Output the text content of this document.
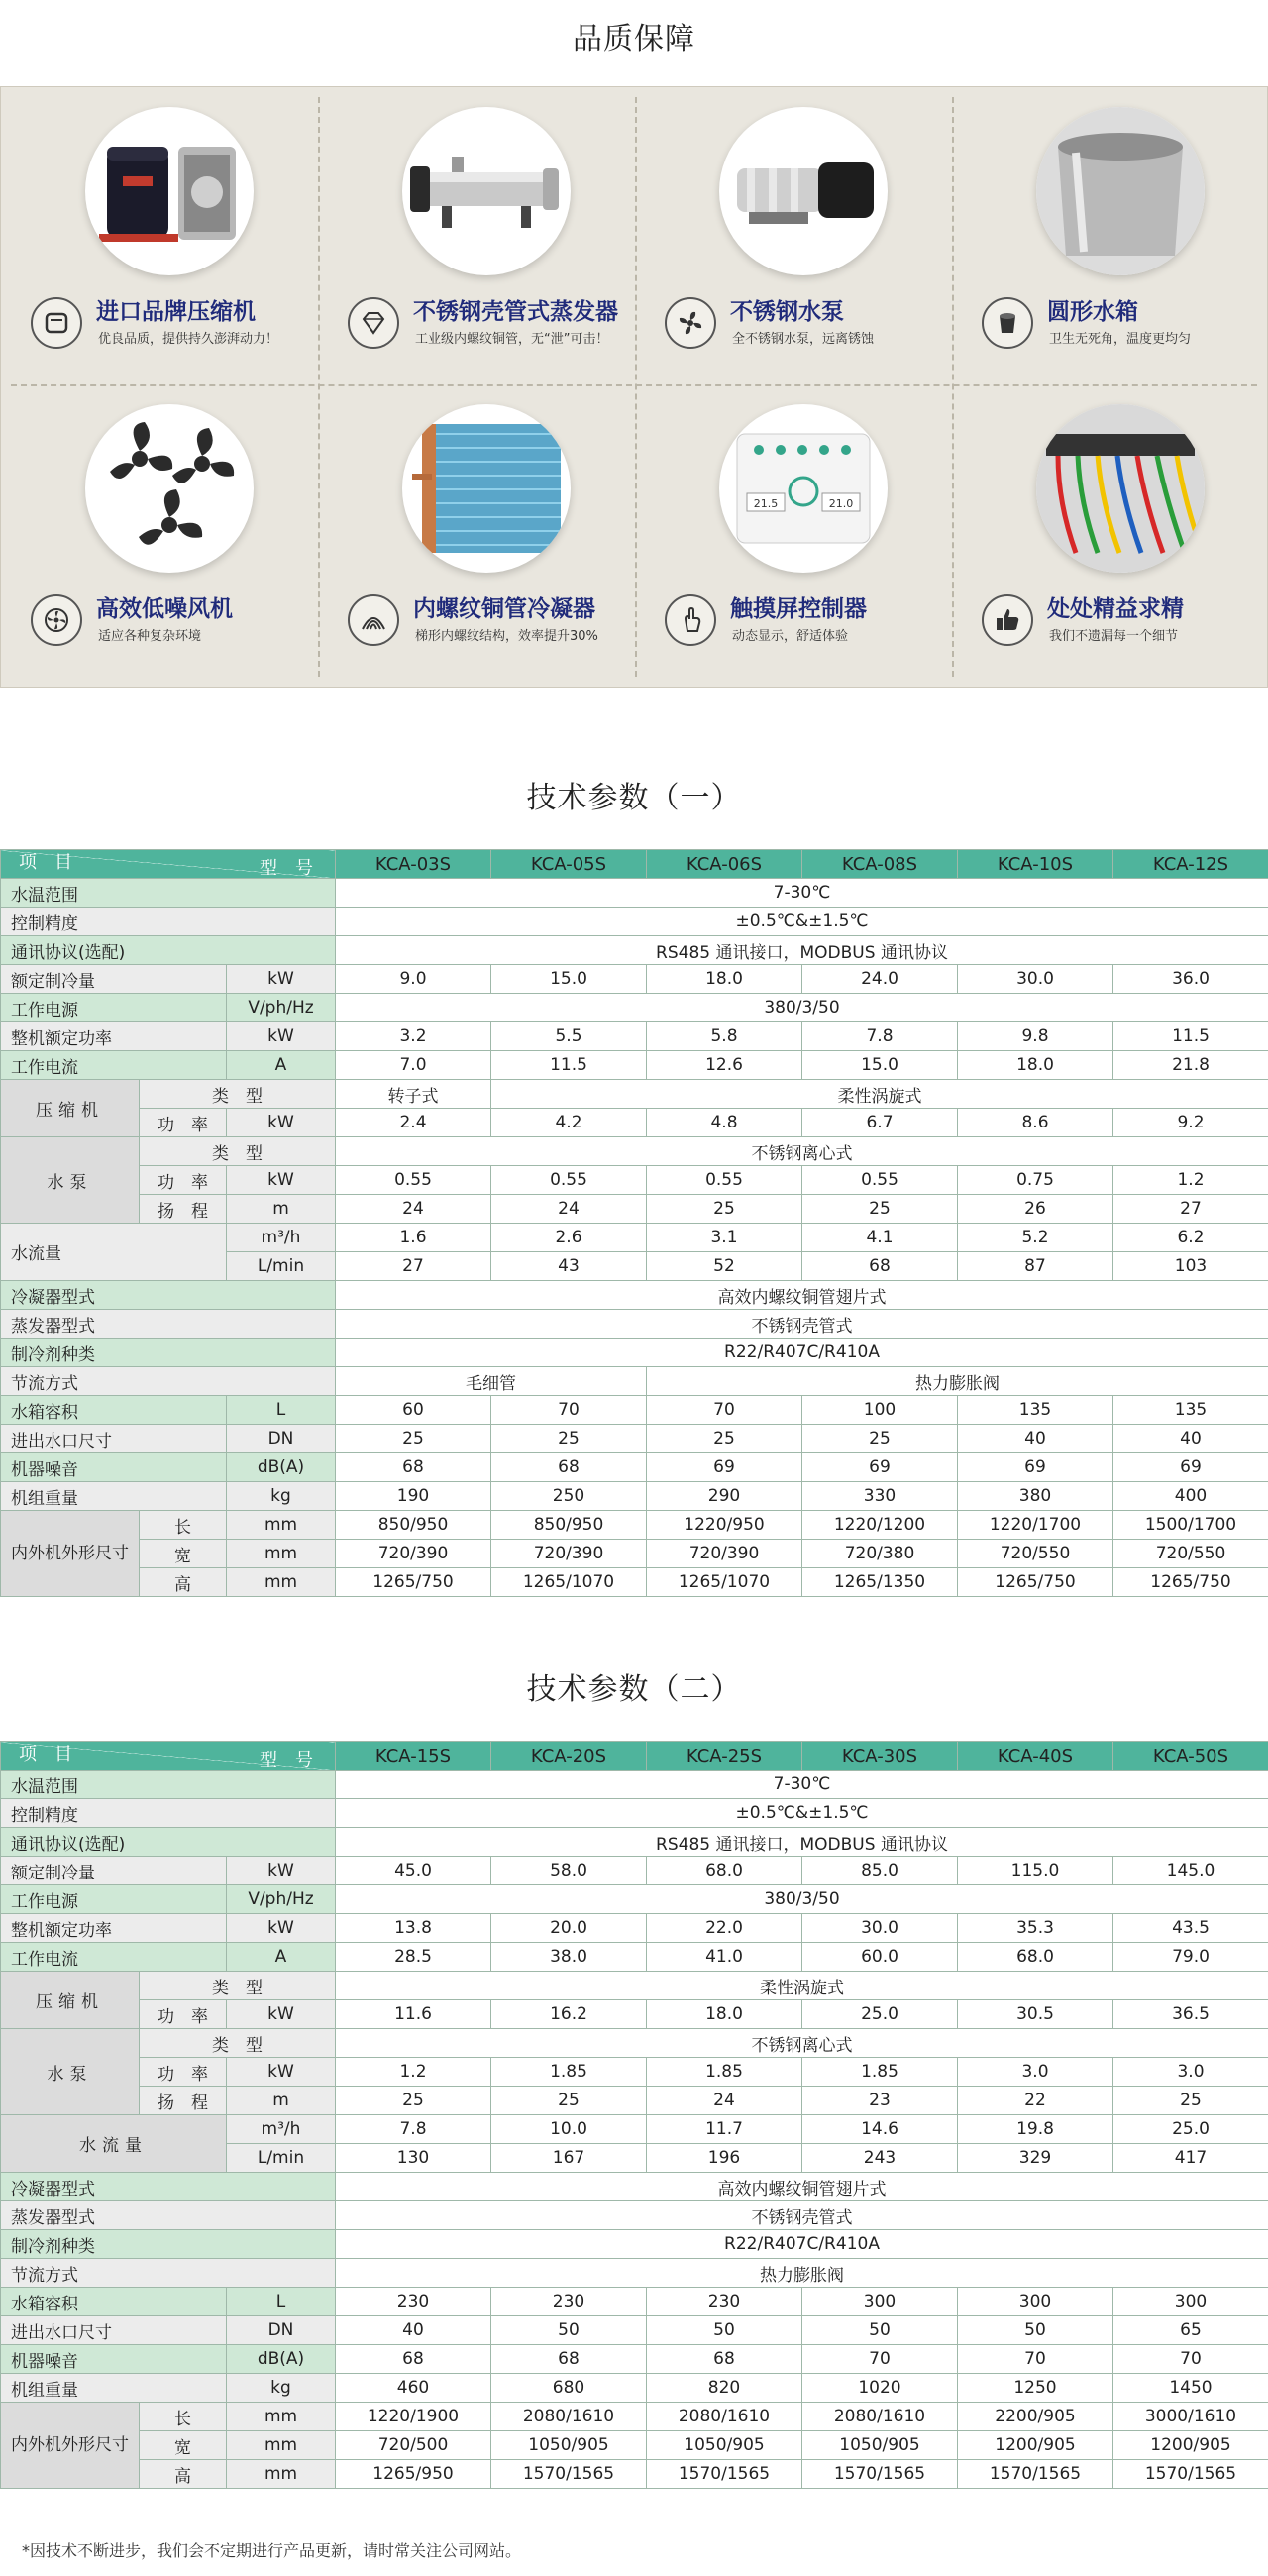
品质保障
进口品牌压缩机
优良品质，提供持久澎湃动力！
不锈钢壳管式蒸发器
工业级内螺纹铜管，无“泄”可击！
不锈钢水泵
全不锈钢水泵，远离锈蚀
圆形水箱
卫生无死角，温度更均匀
高效低噪风机
适应各种复杂环境
内螺纹铜管冷凝器
梯形内螺纹结构，效率提升30%
21.5	21.0
触摸屏控制器
动态显示，舒适体验
处处精益求精
我们不遗漏每一个细节
技术参数（一）
型　号
项　目			KCA-03S	KCA-05S	KCA-06S	KCA-08S	KCA-10S	KCA-12S
水温范围			7-30℃					
控制精度			±0.5℃&±1.5℃					
通讯协议(选配)			RS485 通讯接口，MODBUS 通讯协议					
额定制冷量		kW	9.0	15.0	18.0	24.0	30.0	36.0
工作电源		V/ph/Hz	380/3/50					
整机额定功率		kW	3.2	5.5	5.8	7.8	9.8	11.5
工作电流		A	7.0	11.5	12.6	15.0	18.0	21.8
压缩机	类　型		转子式	柔性涡旋式				
	功　率	kW	2.4	4.2	4.8	6.7	8.6	9.2
水泵	类　型		不锈钢离心式					
	功　率	kW	0.55	0.55	0.55	0.55	0.75	1.2
	扬　程	m	24	24	25	25	26	27
水流量		m³/h	1.6	2.6	3.1	4.1	5.2	6.2
		L/min	27	43	52	68	87	103
冷凝器型式			高效内螺纹铜管翅片式					
蒸发器型式			不锈钢壳管式					
制冷剂种类			R22/R407C/R410A					
节流方式			毛细管		热力膨胀阀			
水箱容积		L	60	70	70	100	135	135
进出水口尺寸		DN	25	25	25	25	40	40
机器噪音		dB(A)	68	68	69	69	69	69
机组重量		kg	190	250	290	330	380	400
内外机外形尺寸	长	mm	850/950	850/950	1220/950	1220/1200	1220/1700	1500/1700
	宽	mm	720/390	720/390	720/390	720/380	720/550	720/550
	高	mm	1265/750	1265/1070	1265/1070	1265/1350	1265/750	1265/750
技术参数（二）
型　号
项　目			KCA-15S	KCA-20S	KCA-25S	KCA-30S	KCA-40S	KCA-50S
水温范围			7-30℃					
控制精度			±0.5℃&±1.5℃					
通讯协议(选配)			RS485 通讯接口，MODBUS 通讯协议					
额定制冷量		kW	45.0	58.0	68.0	85.0	115.0	145.0
工作电源		V/ph/Hz	380/3/50					
整机额定功率		kW	13.8	20.0	22.0	30.0	35.3	43.5
工作电流		A	28.5	38.0	41.0	60.0	68.0	79.0
压缩机	类　型		柔性涡旋式					
	功　率	kW	11.6	16.2	18.0	25.0	30.5	36.5
水泵	类　型		不锈钢离心式					
	功　率	kW	1.2	1.85	1.85	1.85	3.0	3.0
	扬　程	m	25	25	24	23	22	25
水流量		m³/h	7.8	10.0	11.7	14.6	19.8	25.0
		L/min	130	167	196	243	329	417
冷凝器型式			高效内螺纹铜管翅片式					
蒸发器型式			不锈钢壳管式					
制冷剂种类			R22/R407C/R410A					
节流方式			热力膨胀阀					
水箱容积		L	230	230	230	300	300	300
进出水口尺寸		DN	40	50	50	50	50	65
机器噪音		dB(A)	68	68	68	70	70	70
机组重量		kg	460	680	820	1020	1250	1450
内外机外形尺寸	长	mm	1220/1900	2080/1610	2080/1610	2080/1610	2200/905	3000/1610
	宽	mm	720/500	1050/905	1050/905	1050/905	1200/905	1200/905
	高	mm	1265/950	1570/1565	1570/1565	1570/1565	1570/1565	1570/1565
*因技术不断进步，我们会不定期进行产品更新，请时常关注公司网站。
